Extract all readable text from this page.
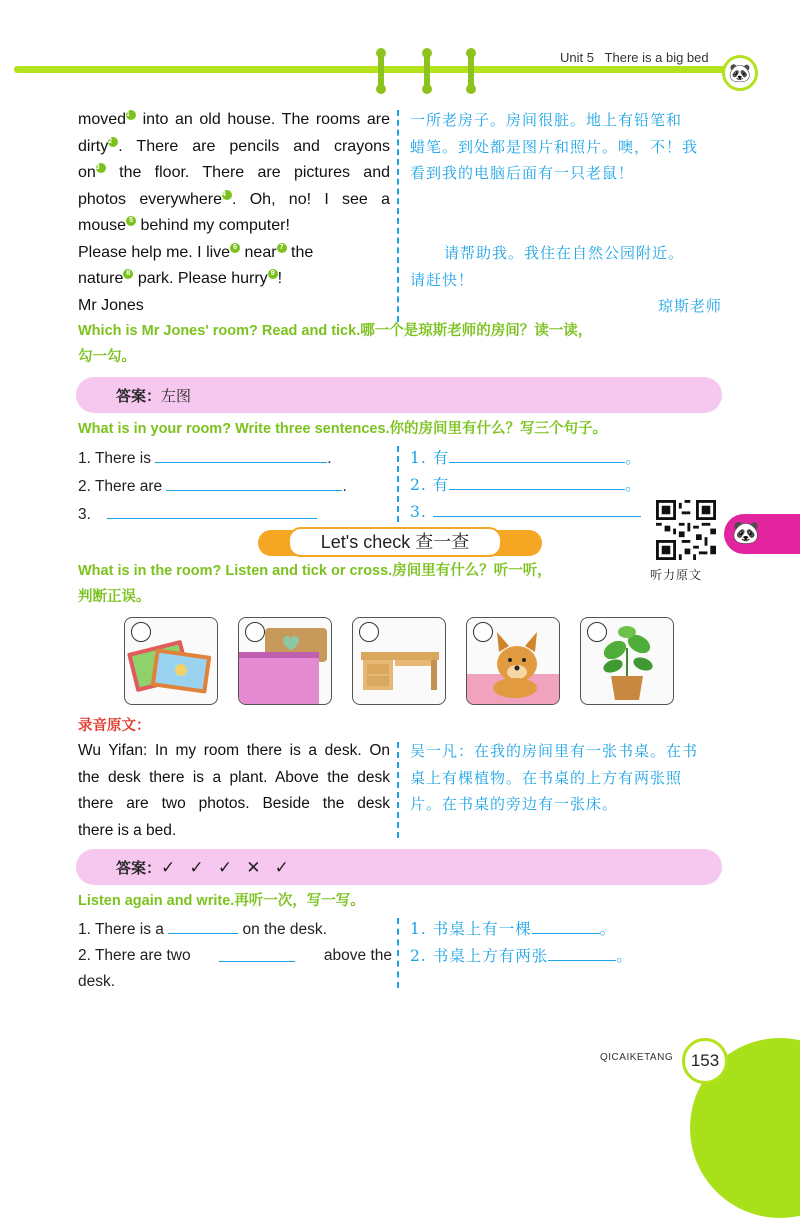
Unit 5   There is a big bed
🐼
moved1 into an old house. The rooms are
dirty2 . There are pencils and crayons
on3 the floor. There are pictures and
photos everywhere4 . Oh, no! I see a
mouse 5 behind my computer!
Please help me. I live 6 near 7 the
nature 8 park. Please hurry 9 !
Mr Jones
一所老房子。房间很脏。地上有铅笔和
蜡笔。到处都是图片和照片。噢，不！我
看到我的电脑后面有一只老鼠！
请帮助我。我住在自然公园附近。
请赶快！
琼斯老师
Which is Mr Jones' room? Read and tick.哪一个是琼斯老师的房间？读一读，
勾一勾。
答案：左图
What is in your room? Write three sentences.你的房间里有什么？写三个句子。
1. There is	.
2. There are	.
3.
1. 有	。
2. 有	。
3.
Let's check 查一查
听力原文
🐼
What is in the room? Listen and tick or cross.房间里有什么？听一听，
判断正误。
录音原文：
Wu Yifan: In my room there is a desk. On
the desk there is a plant. Above the desk
there are two photos. Beside the desk
there is a bed.
吴一凡：在我的房间里有一张书桌。在书
桌上有棵植物。在书桌的上方有两张照
片。在书桌的旁边有一张床。
答案：✓   ✓   ✓   ✕   ✓
Listen again and write.再听一次，写一写。
1. There is a	on the desk.
2. There are two	above the
desk.
1. 书桌上有一棵	。
2. 书桌上方有两张	。
QICAIKETANG	153
